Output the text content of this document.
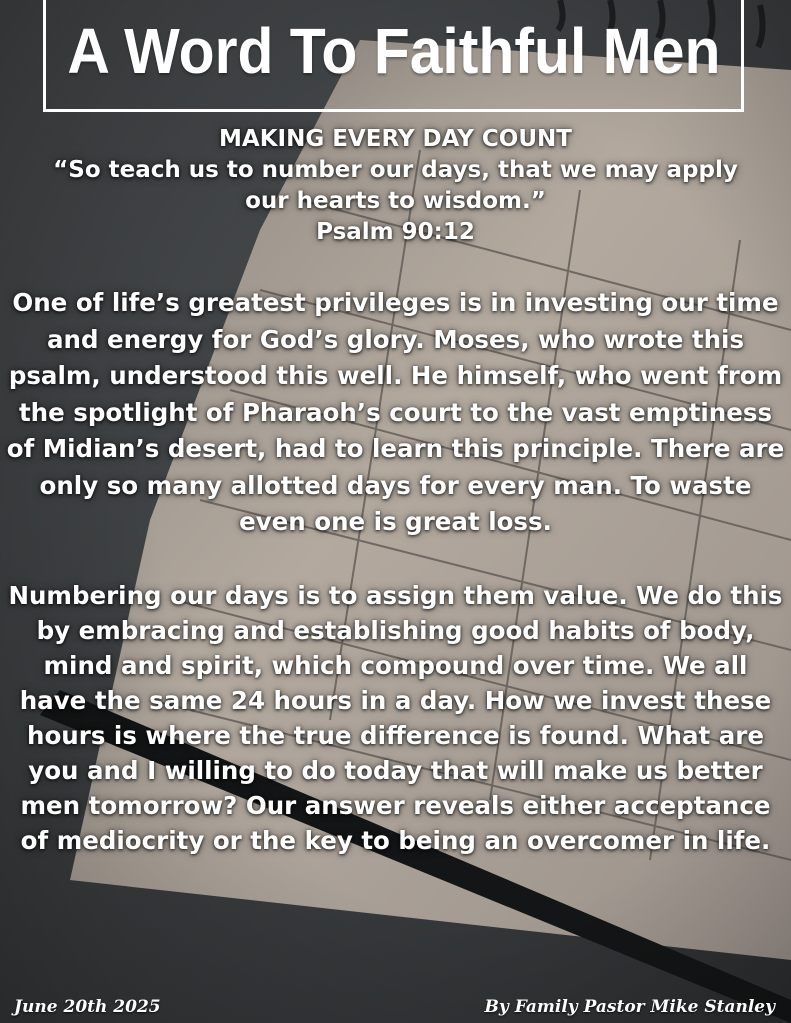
A Word To Faithful Men
MAKING EVERY DAY COUNT
“So teach us to number our days, that we may apply
our hearts to wisdom.”
Psalm 90:12
One of life’s greatest privileges is in investing our time
and energy for God’s glory. Moses, who wrote this
psalm, understood this well. He himself, who went from
the spotlight of Pharaoh’s court to the vast emptiness
of Midian’s desert, had to learn this principle. There are
only so many allotted days for every man. To waste
even one is great loss.
Numbering our days is to assign them value. We do this
by embracing and establishing good habits of body,
mind and spirit, which compound over time. We all
have the same 24 hours in a day. How we invest these
hours is where the true difference is found. What are
you and I willing to do today that will make us better
men tomorrow? Our answer reveals either acceptance
of mediocrity or the key to being an overcomer in life.
June 20th 2025	By Family Pastor Mike Stanley
